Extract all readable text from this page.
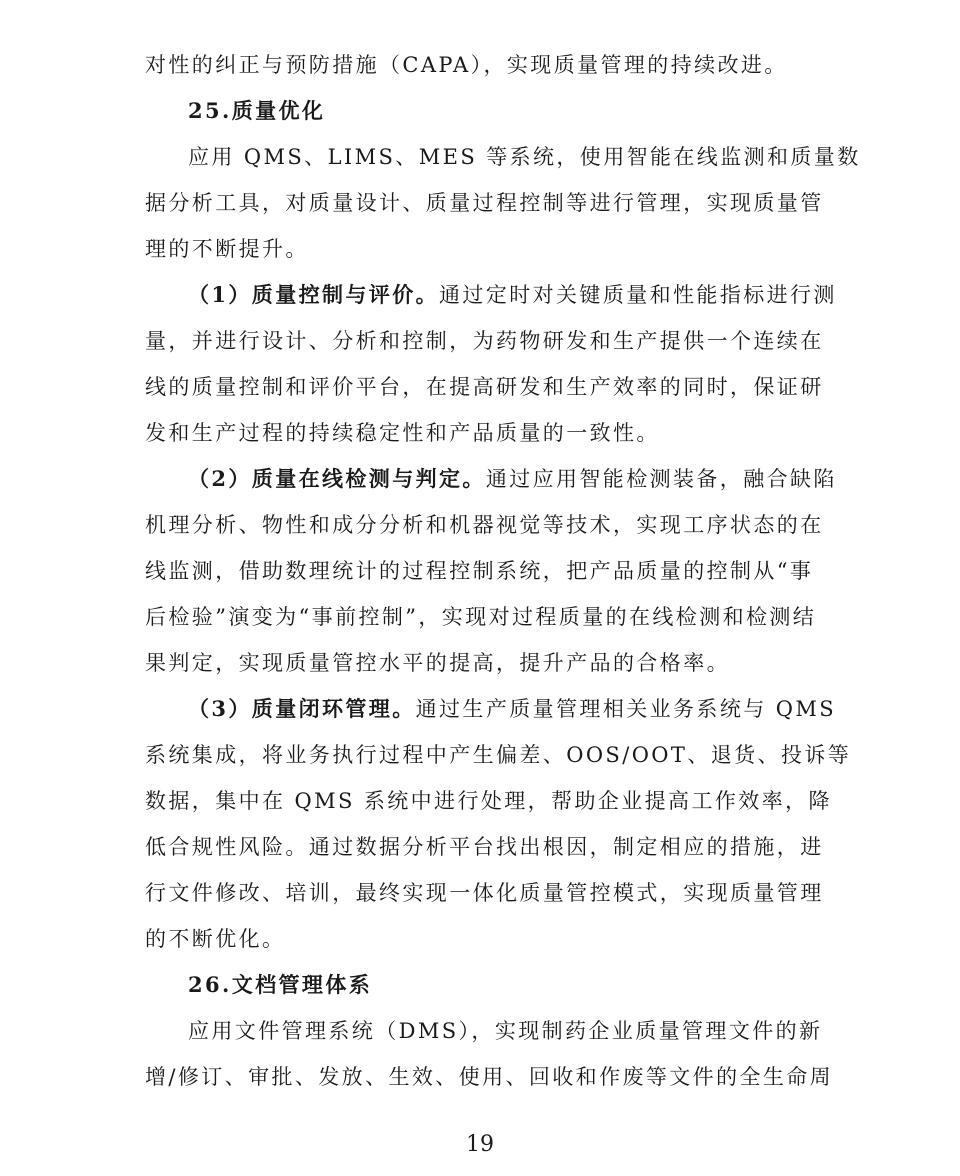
对性的纠正与预防措施（CAPA），实现质量管理的持续改进。
25.质量优化
应用 QMS、LIMS、MES 等系统，使用智能在线监测和质量数
据分析工具，对质量设计、质量过程控制等进行管理，实现质量管
理的不断提升。
（1）质量控制与评价。通过定时对关键质量和性能指标进行测
量，并进行设计、分析和控制，为药物研发和生产提供一个连续在
线的质量控制和评价平台，在提高研发和生产效率的同时，保证研
发和生产过程的持续稳定性和产品质量的一致性。
（2）质量在线检测与判定。通过应用智能检测装备，融合缺陷
机理分析、物性和成分分析和机器视觉等技术，实现工序状态的在
线监测，借助数理统计的过程控制系统，把产品质量的控制从“事
后检验”演变为“事前控制”，实现对过程质量的在线检测和检测结
果判定，实现质量管控水平的提高，提升产品的合格率。
（3）质量闭环管理。通过生产质量管理相关业务系统与 QMS
系统集成，将业务执行过程中产生偏差、OOS/OOT、退货、投诉等
数据，集中在 QMS 系统中进行处理，帮助企业提高工作效率，降
低合规性风险。通过数据分析平台找出根因，制定相应的措施，进
行文件修改、培训，最终实现一体化质量管控模式，实现质量管理
的不断优化。
26.文档管理体系
应用文件管理系统（DMS），实现制药企业质量管理文件的新
增/修订、审批、发放、生效、使用、回收和作废等文件的全生命周
19
